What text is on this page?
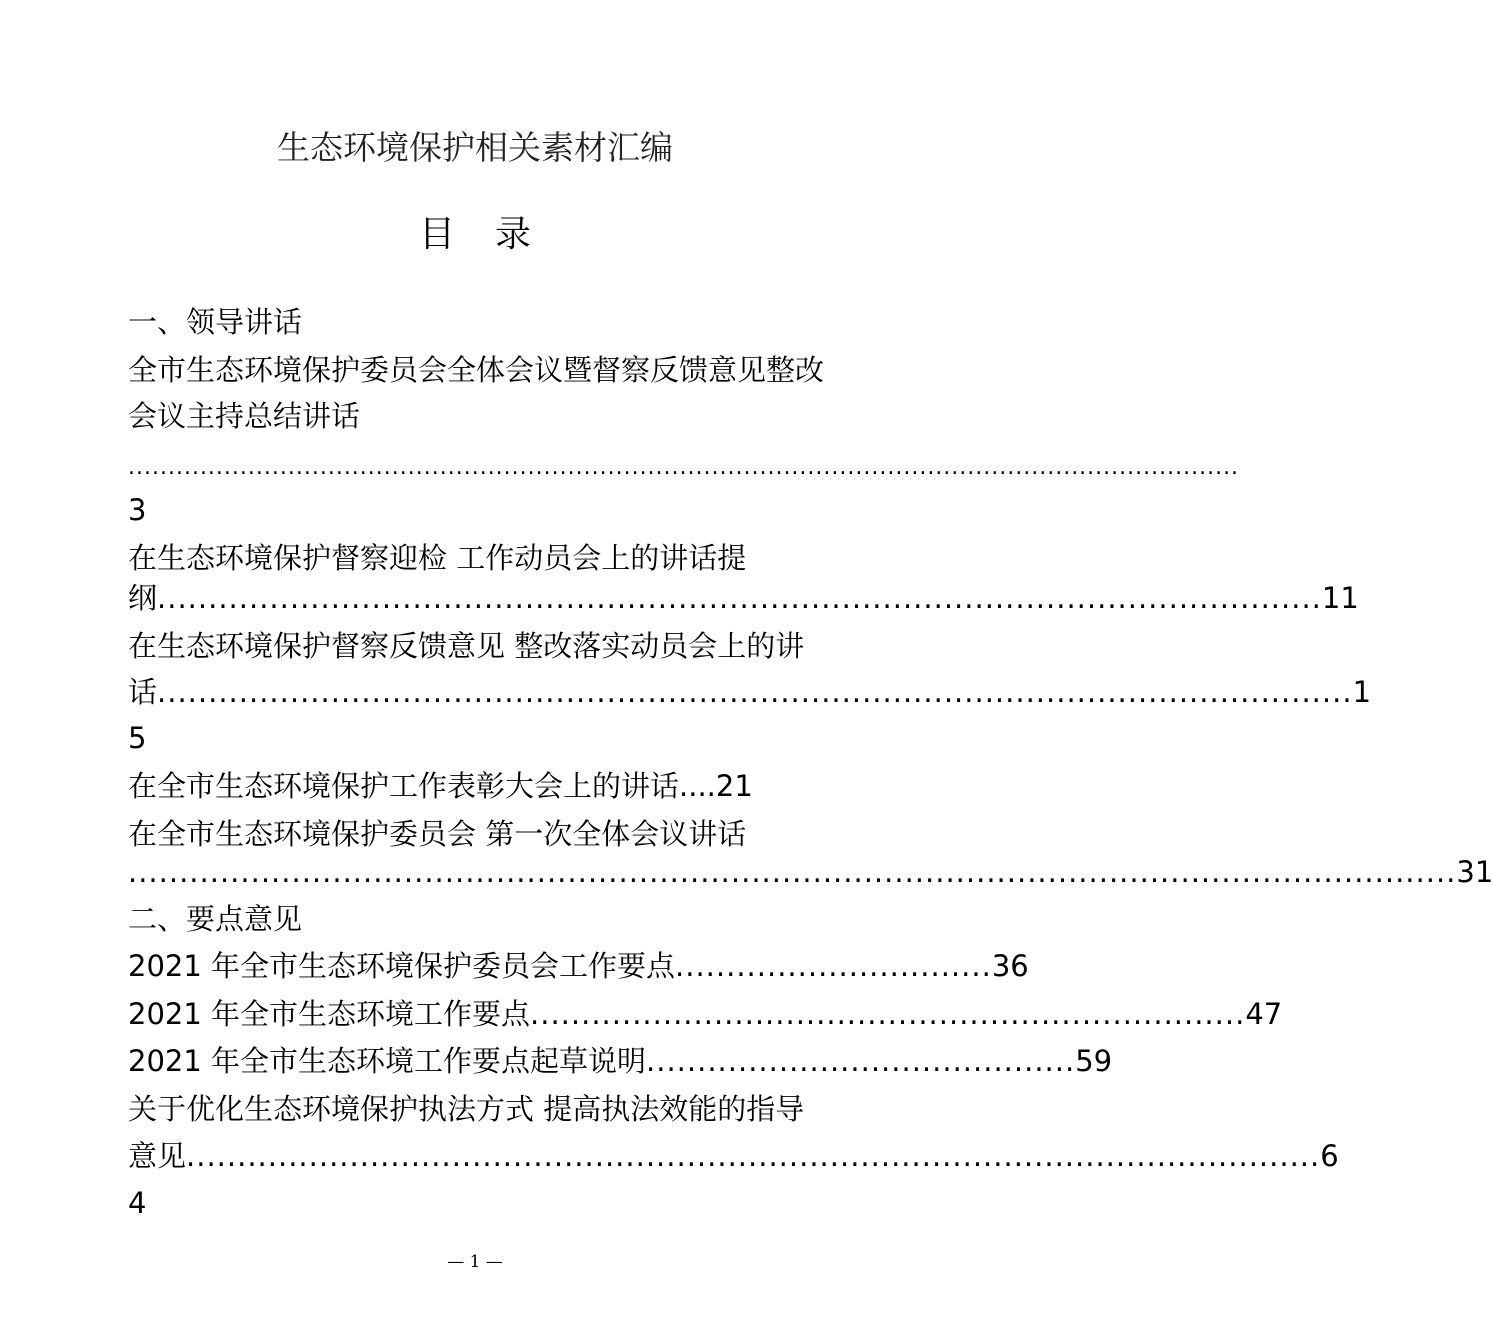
生态环境保护相关素材汇编
目录
一、领导讲话
全市生态环境保护委员会全体会议暨督察反馈意见整改
会议主持总结讲话
...........................................................................................................................................
3
在生态环境保护督察迎检 工作动员会上的讲话提
纲 .................................................................................................................. 11
在生态环境保护督察反馈意见 整改落实动员会上的讲
话 ..................................................................................................................... 1
5
在全市生态环境保护工作表彰大会上的讲话....21
在全市生态环境保护委员会 第一次全体会议讲话
.................................................................................................................................. 31
二、要点意见
2021 年全市生态环境保护委员会工作要点 ............................... 36
2021 年全市生态环境工作要点 ...................................................................... 47
2021 年全市生态环境工作要点起草说明 .......................................... 59
关于优化生态环境保护执法方式 提高执法效能的指导
意见 ............................................................................................................... 6
4
— 1 —
